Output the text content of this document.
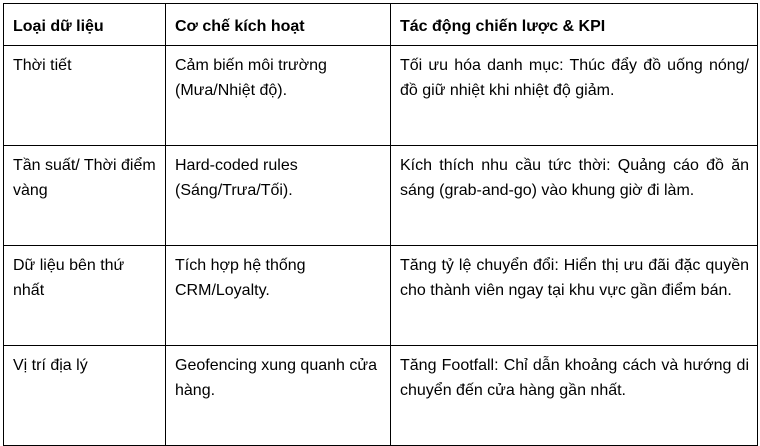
Loại dữ liệu	Cơ chế kích hoạt	Tác động chiến lược & KPI
Thời tiết	Cảm biến môi trường (Mưa/Nhiệt độ).	Tối ưu hóa danh mục: Thúc đẩy đồ uống nóng/đồ giữ nhiệt khi nhiệt độ giảm.
Tần suất/ Thời điểm vàng	Hard-coded rules (Sáng/Trưa/Tối).	Kích thích nhu cầu tức thời: Quảng cáo đồ ăn sáng (grab-and-go) vào khung giờ đi làm.
Dữ liệu bên thứ nhất	Tích hợp hệ thống CRM/Loyalty.	Tăng tỷ lệ chuyển đổi: Hiển thị ưu đãi đặc quyền cho thành viên ngay tại khu vực gần điểm bán.
Vị trí địa lý	Geofencing xung quanh cửa hàng.	Tăng Footfall: Chỉ dẫn khoảng cách và hướng di chuyển đến cửa hàng gần nhất.
